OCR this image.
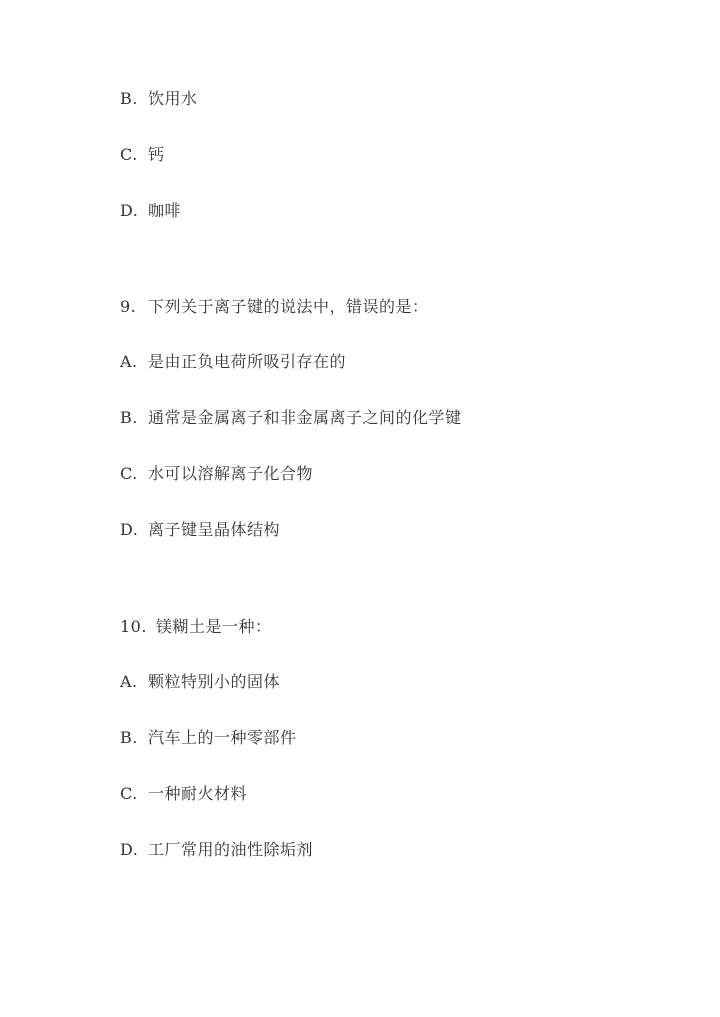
B. 饮用水
C. 钙
D. 咖啡
9. 下列关于离子键的说法中，错误的是：
A. 是由正负电荷所吸引存在的
B. 通常是金属离子和非金属离子之间的化学键
C. 水可以溶解离子化合物
D. 离子键呈晶体结构
10. 镁糊土是一种：
A. 颗粒特别小的固体
B. 汽车上的一种零部件
C. 一种耐火材料
D. 工厂常用的油性除垢剂
